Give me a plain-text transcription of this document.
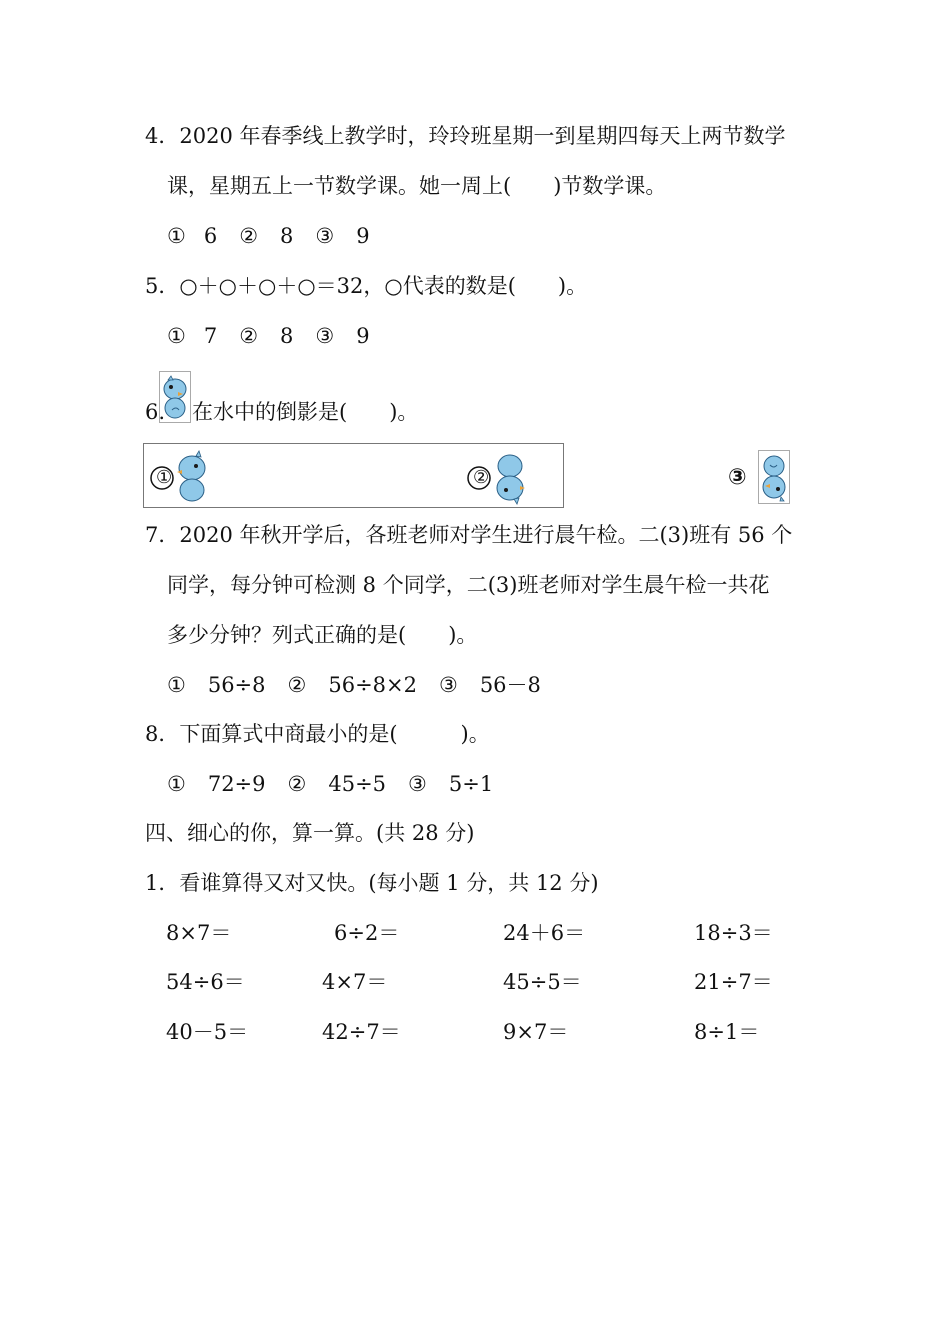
4．2020 年春季线上教学时，玲玲班星期一到星期四每天上两节数学
课，星期五上一节数学课。她一周上(　　)节数学课。
① 6 ② 8 ③ 9
5．○＋○＋○＋○＝32，○代表的数是(　　)。
① 7 ② 8 ③ 9
6. 在水中的倒影是(　　)。
①	②	③
7．2020 年秋开学后，各班老师对学生进行晨午检。二(3)班有 56 个
同学，每分钟可检测 8 个同学，二(3)班老师对学生晨午检一共花
多少分钟？列式正确的是(　　)。
① 56÷8 ② 56÷8×2 ③ 56－8
8．下面算式中商最小的是(　　　)。
① 72÷9 ② 45÷5 ③ 5÷1
四、细心的你，算一算。(共 28 分)
1．看谁算得又对又快。(每小题 1 分，共 12 分)
8×7＝	6÷2＝	24＋6＝	18÷3＝
54÷6＝	4×7＝	45÷5＝	21÷7＝
40－5＝	42÷7＝	9×7＝	8÷1＝
